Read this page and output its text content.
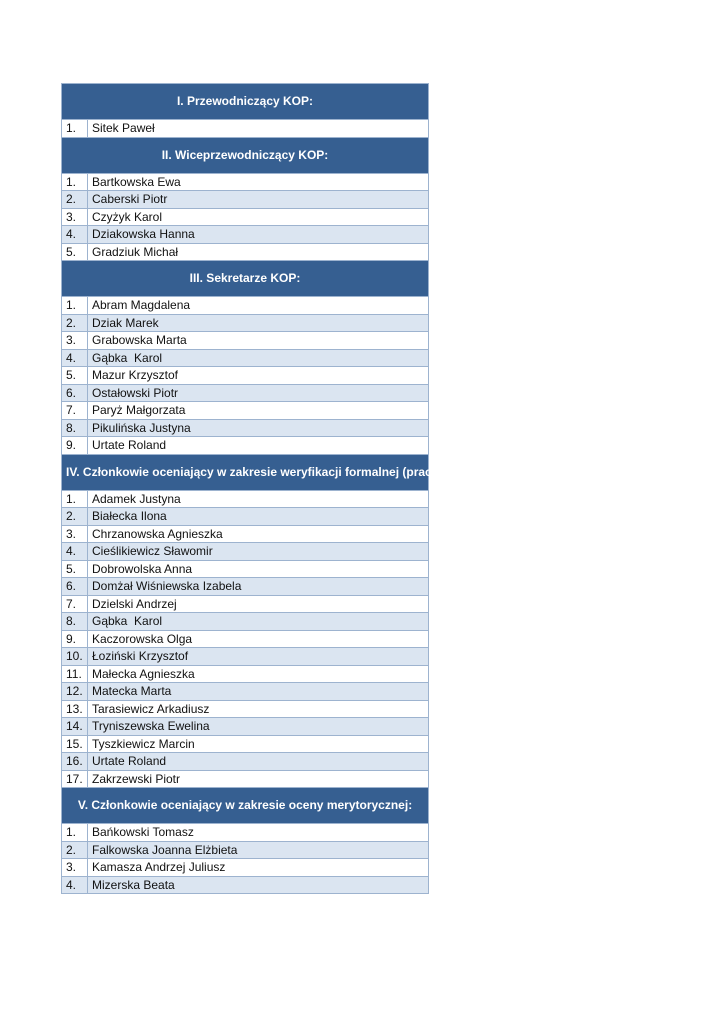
I. Przewodniczący KOP:	
1.	Sitek Paweł
II. Wiceprzewodniczący KOP:	
1.	Bartkowska Ewa
2.	Caberski Piotr
3.	Czyżyk Karol
4.	Dziakowska Hanna
5.	Gradziuk Michał
III. Sekretarze KOP:	
1.	Abram Magdalena
2.	Dziak Marek
3.	Grabowska Marta
4.	Gąbka  Karol
5.	Mazur Krzysztof
6.	Ostałowski Piotr
7.	Paryż Małgorzata
8.	Pikulińska Justyna
9.	Urtate Roland
IV. Członkowie oceniający w zakresie weryfikacji formalnej (pracownicy MJWPU):	
1.	Adamek Justyna
2.	Białecka Ilona
3.	Chrzanowska Agnieszka
4.	Cieślikiewicz Sławomir
5.	Dobrowolska Anna
6.	Domżał Wiśniewska Izabela
7.	Dzielski Andrzej
8.	Gąbka  Karol
9.	Kaczorowska Olga
10.	Łoziński Krzysztof
11.	Małecka Agnieszka
12.	Matecka Marta
13.	Tarasiewicz Arkadiusz
14.	Tryniszewska Ewelina
15.	Tyszkiewicz Marcin
16.	Urtate Roland
17.	Zakrzewski Piotr
V. Członkowie oceniający w zakresie oceny merytorycznej:	
1.	Bańkowski Tomasz
2.	Falkowska Joanna Elżbieta
3.	Kamasza Andrzej Juliusz
4.	Mizerska Beata
